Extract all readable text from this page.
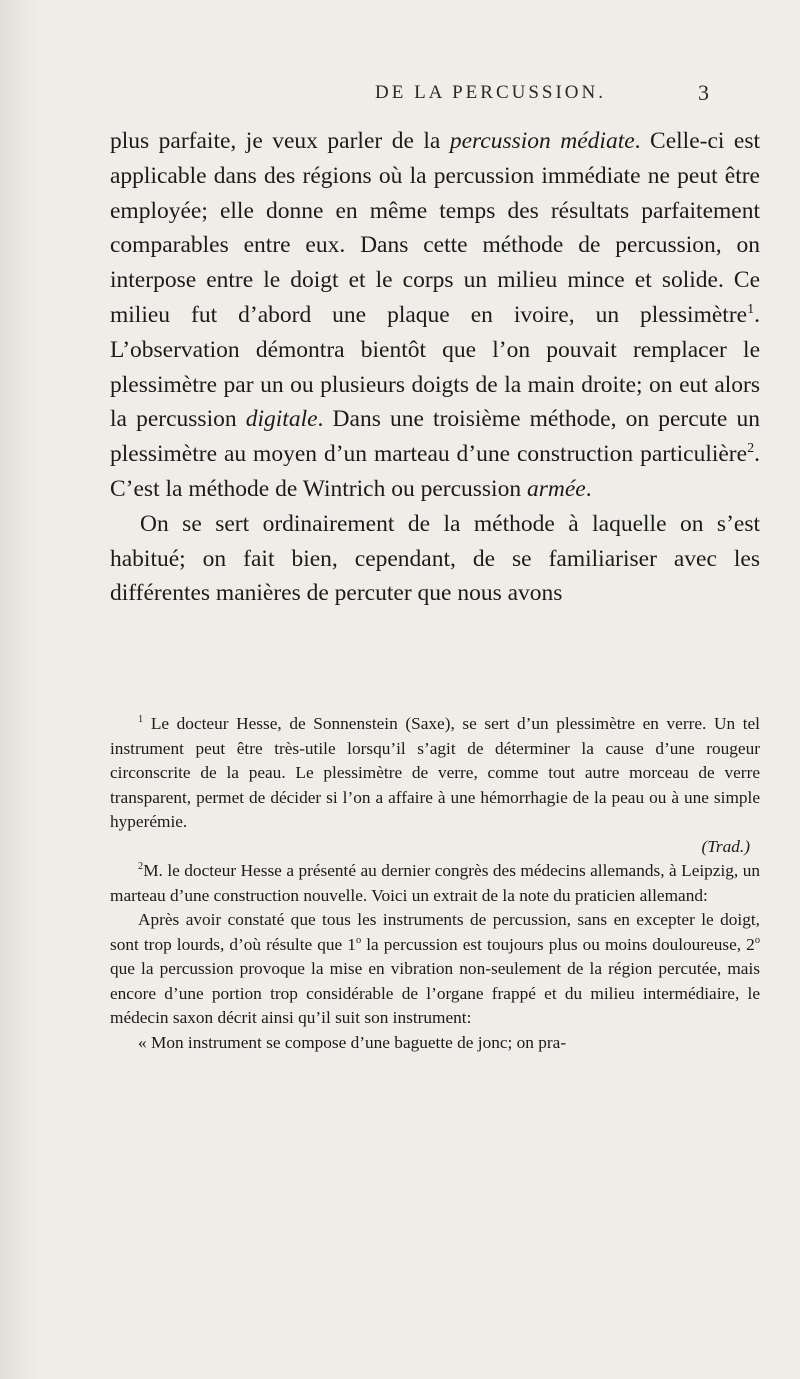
DE LA PERCUSSION.	3

plus parfaite, je veux parler de la percussion médiate. Celle-ci est applicable dans des régions où la percussion immédiate ne peut être employée; elle donne en même temps des résultats parfaitement comparables entre eux. Dans cette méthode de percussion, on interpose entre le doigt et le corps un milieu mince et solide. Ce milieu fut d’abord une plaque en ivoire, un plessimètre$^1$. L’observation démontra bientôt que l’on pouvait remplacer le plessimètre par un ou plusieurs doigts de la main droite; on eut alors la percussion digitale. Dans une troisième méthode, on percute un plessimètre au moyen d’un marteau d’une construction particulière$^2$. C’est la méthode de Wintrich ou percussion armée.

On se sert ordinairement de la méthode à laquelle on s’est habitué; on fait bien, cependant, de se familiariser avec les différentes manières de percuter que nous avons

$^1$ Le docteur Hesse, de Sonnenstein (Saxe), se sert d’un plessimètre en verre. Un tel instrument peut être très-utile lorsqu’il s’agit de déterminer la cause d’une rougeur circonscrite de la peau. Le plessimètre de verre, comme tout autre morceau de verre transparent, permet de décider si l’on a affaire à une hémorrhagie de la peau ou à une simple hyperémie.

(Trad.)

$^2$M. le docteur Hesse a présenté au dernier congrès des médecins allemands, à Leipzig, un marteau d’une construction nouvelle. Voici un extrait de la note du praticien allemand:

Après avoir constaté que tous les instruments de percussion, sans en excepter le doigt, sont trop lourds, d’où résulte que 1$^o$ la percussion est toujours plus ou moins douloureuse, 2$^o$ que la percussion provoque la mise en vibration non-seulement de la région percutée, mais encore d’une portion trop considérable de l’organe frappé et du milieu intermédiaire, le médecin saxon décrit ainsi qu’il suit son instrument:

« Mon instrument se compose d’une baguette de jonc; on pra-
